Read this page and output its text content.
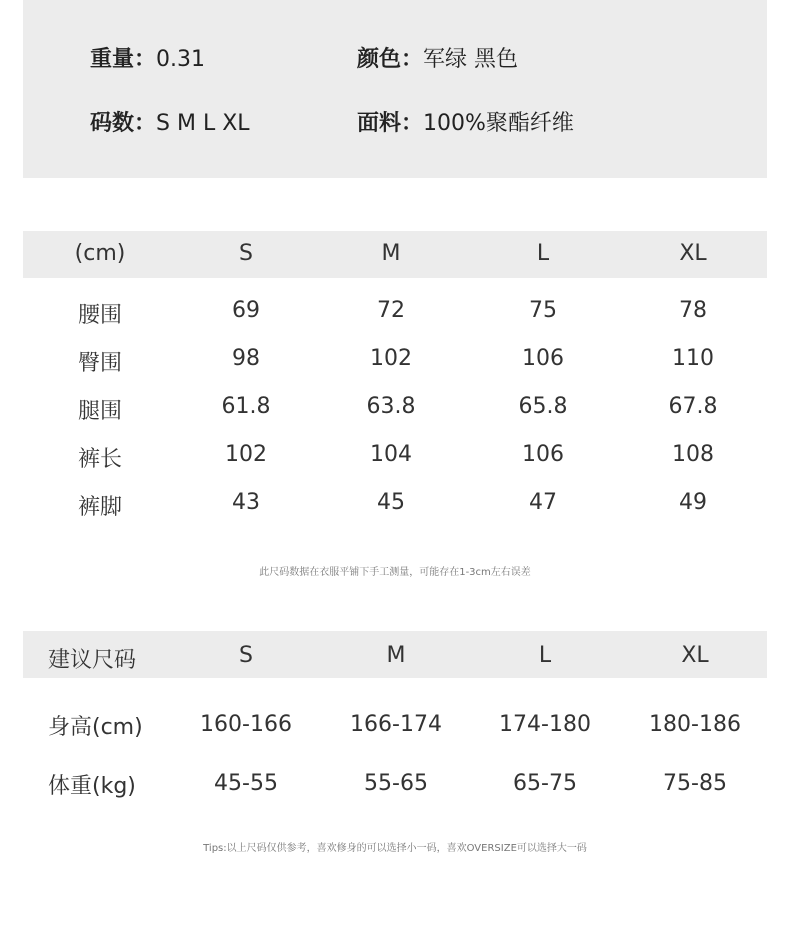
重量：0.31	颜色：军绿 黑色
码数：S M L XL	面料：100%聚酯纤维
(cm)	S	M	L	XL
腰围	69	72	75	78
臀围	98	102	106	110
腿围	61.8	63.8	65.8	67.8
裤长	102	104	106	108
裤脚	43	45	47	49
此尺码数据在衣服平铺下手工测量，可能存在1-3cm左右误差
建议尺码	S	M	L	XL
身高(cm)	160-166	166-174	174-180	180-186
体重(kg)	45-55	55-65	65-75	75-85
Tips:以上尺码仅供参考，喜欢修身的可以选择小一码，喜欢OVERSIZE可以选择大一码
